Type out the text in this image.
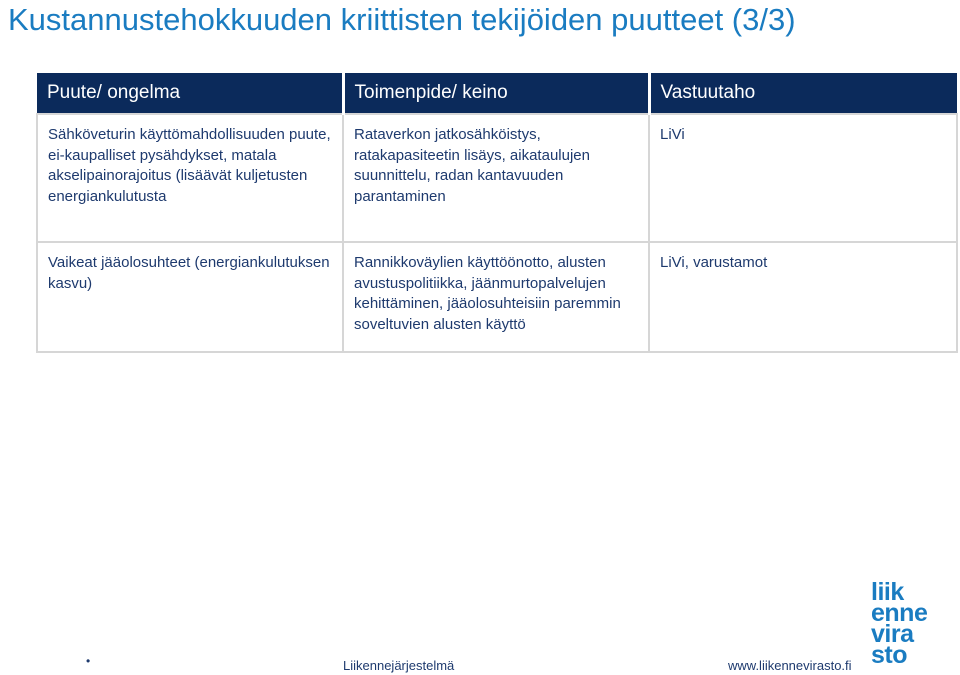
Kustannustehokkuuden kriittisten tekijöiden puutteet (3/3)
Puute/ ongelma	Toimenpide/ keino	Vastuutaho
Sähköveturin käyttömahdollisuuden puute, ei-kaupalliset pysähdykset, matala akselipainorajoitus (lisäävät kuljetusten energiankulutusta	Rataverkon jatkosähköistys, ratakapasiteetin lisäys, aikataulujen suunnittelu, radan kantavuuden parantaminen	LiVi
Vaikeat jääolosuhteet (energiankulutuksen kasvu)	Rannikkoväylien käyttöönotto, alusten avustuspolitiikka, jäänmurtopalvelujen kehittäminen, jääolosuhteisiin paremmin soveltuvien alusten käyttö	LiVi, varustamot
•	Liikennejärjestelmä	www.liikennevirasto.fi
liik
enne
vira
sto
